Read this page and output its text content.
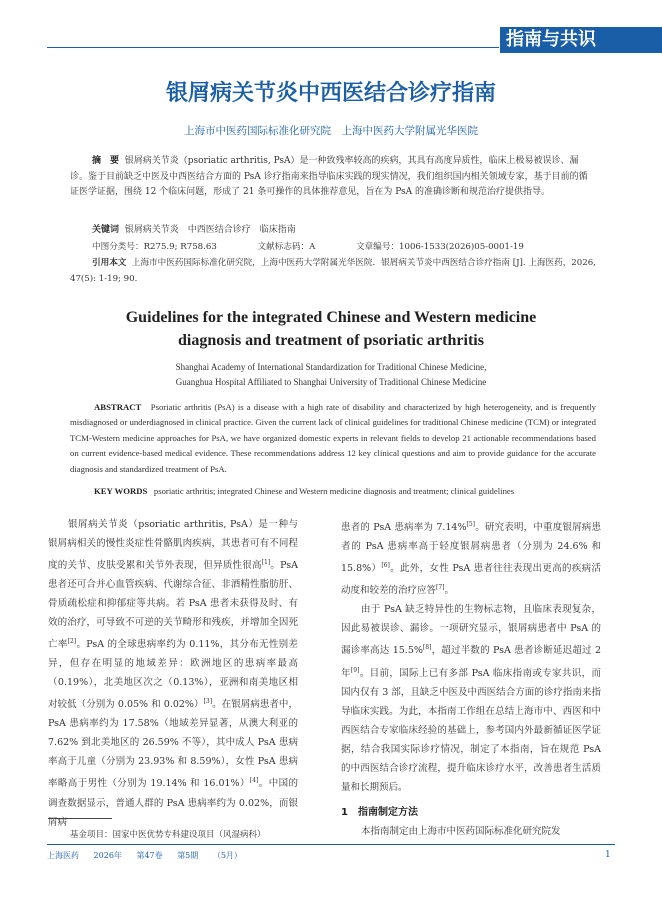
指南与共识
银屑病关节炎中西医结合诊疗指南
上海市中医药国际标准化研究院　上海中医药大学附属光华医院
摘　要 银屑病关节炎（psoriatic arthritis, PsA）是一种致残率较高的疾病，其具有高度异质性，临床上极易被误诊、漏诊。鉴于目前缺乏中医及中西医结合方面的 PsA 诊疗指南来指导临床实践的现实情况，我们组织国内相关领域专家，基于目前的循证医学证据，围绕 12 个临床问题，形成了 21 条可操作的具体推荐意见，旨在为 PsA 的准确诊断和规范治疗提供指导。
关键词 银屑病关节炎　中西医结合诊疗　临床指南
中图分类号：R275.9; R758.63	文献标志码：A	文章编号：1006-1533(2026)05-0001-19
引用本文 上海市中医药国际标准化研究院，上海中医药大学附属光华医院．银屑病关节炎中西医结合诊疗指南 [J]. 上海医药，2026, 47(5): 1-19; 90.
Guidelines for the integrated Chinese and Western medicine
diagnosis and treatment of psoriatic arthritis
Shanghai Academy of International Standardization for Traditional Chinese Medicine,
Guanghua Hospital Affiliated to Shanghai University of Traditional Chinese Medicine
ABSTRACT Psoriatic arthritis (PsA) is a disease with a high rate of disability and characterized by high heterogeneity, and is frequently misdiagnosed or underdiagnosed in clinical practice. Given the current lack of clinical guidelines for traditional Chinese medicine (TCM) or integrated TCM-Western medicine approaches for PsA, we have organized domestic experts in relevant fields to develop 21 actionable recommendations based on current evidence-based medical evidence. These recommendations address 12 key clinical questions and aim to provide guidance for the accurate diagnosis and standardized treatment of PsA.
KEY WORDS psoriatic arthritis; integrated Chinese and Western medicine diagnosis and treatment; clinical guidelines

银屑病关节炎（psoriatic arthritis, PsA）是一种与银屑病相关的慢性炎症性骨骼肌肉疾病，其患者可有不同程度的关节、皮肤受累和关节外表现，但异质性很高[1]。PsA 患者还可合并心血管疾病、代谢综合征、非酒精性脂肪肝、骨质疏松症和抑郁症等共病。若 PsA 患者未获得及时、有效的治疗，可导致不可逆的关节畸形和残疾，并增加全因死亡率[2]。PsA 的全球患病率约为 0.11%，其分布无性别差异，但存在明显的地域差异：欧洲地区的患病率最高（0.19%），北美地区次之（0.13%），亚洲和南美地区相对较低（分别为 0.05% 和 0.02%）[3]。在银屑病患者中，PsA 患病率约为 17.58%（地域差异显著，从澳大利亚的 7.62% 到北美地区的 26.59% 不等），其中成人 PsA 患病率高于儿童（分别为 23.93% 和 8.59%），女性 PsA 患病率略高于男性（分别为 19.14% 和 16.01%）[4]。中国的调查数据显示，普通人群的 PsA 患病率约为 0.02%，而银屑病

患者的 PsA 患病率为 7.14%[5]。研究表明，中重度银屑病患者的 PsA 患病率高于轻度银屑病患者（分别为 24.6% 和 15.8%）[6]。此外，女性 PsA 患者往往表现出更高的疾病活动度和较差的治疗应答[7]。

由于 PsA 缺乏特异性的生物标志物，且临床表现复杂，因此易被误诊、漏诊。一项研究显示，银屑病患者中 PsA 的漏诊率高达 15.5%[8]，超过半数的 PsA 患者诊断延迟超过 2 年[9]。目前，国际上已有多部 PsA 临床指南或专家共识，而国内仅有 3 部，且缺乏中医及中西医结合方面的诊疗指南来指导临床实践。为此，本指南工作组在总结上海市中、西医和中西医结合专家临床经验的基础上，参考国内外最新循证医学证据，结合我国实际诊疗情况，制定了本指南，旨在规范 PsA 的中西医结合诊疗流程，提升临床诊疗水平，改善患者生活质量和长期预后。

1　指南制定方法

本指南制定由上海市中医药国际标准化研究院发

基金项目：国家中医优势专科建设项目（风湿病科）
上海医药 2026年 第47卷 第5期 （5月）	1
